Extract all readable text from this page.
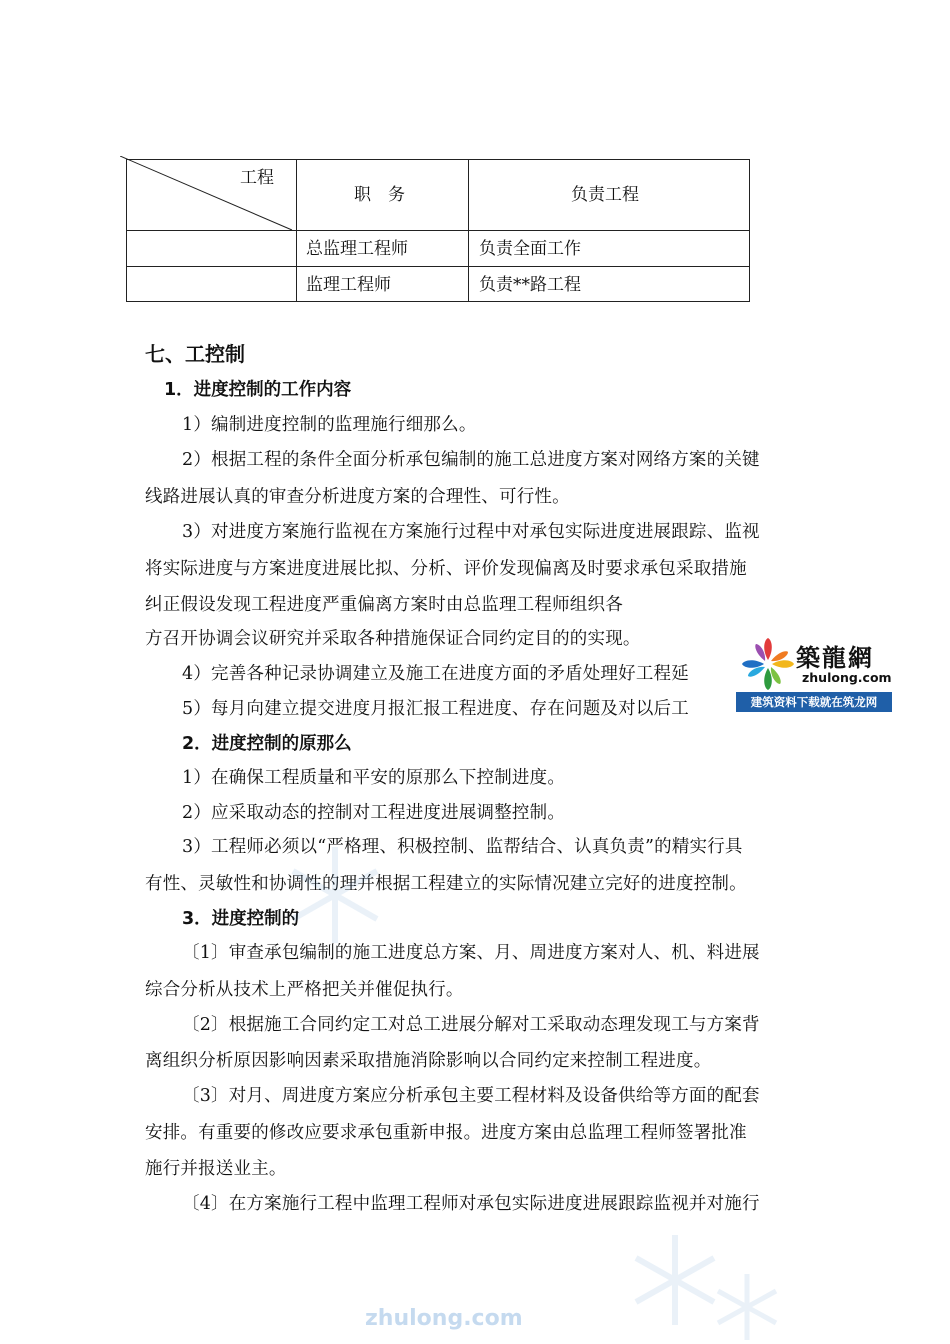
工程
职　务	负责工程
总监理工程师	负责全面工作
监理工程师	负责**路工程
七、工控制
1．进度控制的工作内容
1）编制进度控制的监理施行细那么。
2）根据工程的条件全面分析承包编制的施工总进度方案对网络方案的关键
线路进展认真的审查分析进度方案的合理性、可行性。
3）对进度方案施行监视在方案施行过程中对承包实际进度进展跟踪、监视
将实际进度与方案进度进展比拟、分析、评价发现偏离及时要求承包采取措施
纠正假设发现工程进度严重偏离方案时由总监理工程师组织各
方召开协调会议研究并采取各种措施保证合同约定目的的实现。
4）完善各种记录协调建立及施工在进度方面的矛盾处理好工程延
5）每月向建立提交进度月报汇报工程进度、存在问题及对以后工
2．进度控制的原那么
1）在确保工程质量和平安的原那么下控制进度。
2）应采取动态的控制对工程进度进展调整控制。
3）工程师必须以“严格理、积极控制、监帮结合、认真负责”的精实行具
有性、灵敏性和协调性的理并根据工程建立的实际情况建立完好的进度控制。
3．进度控制的
〔1〕审查承包编制的施工进度总方案、月、周进度方案对人、机、料进展
综合分析从技术上严格把关并催促执行。
〔2〕根据施工合同约定工对总工进展分解对工采取动态理发现工与方案背
离组织分析原因影响因素采取措施消除影响以合同约定来控制工程进度。
〔3〕对月、周进度方案应分析承包主要工程材料及设备供给等方面的配套
安排。有重要的修改应要求承包重新申报。进度方案由总监理工程师签署批准
施行并报送业主。
〔4〕在方案施行工程中监理工程师对承包实际进度进展跟踪监视并对施行
築龍網
zhulong.com
建筑资料下载就在筑龙网
zhulong.com
